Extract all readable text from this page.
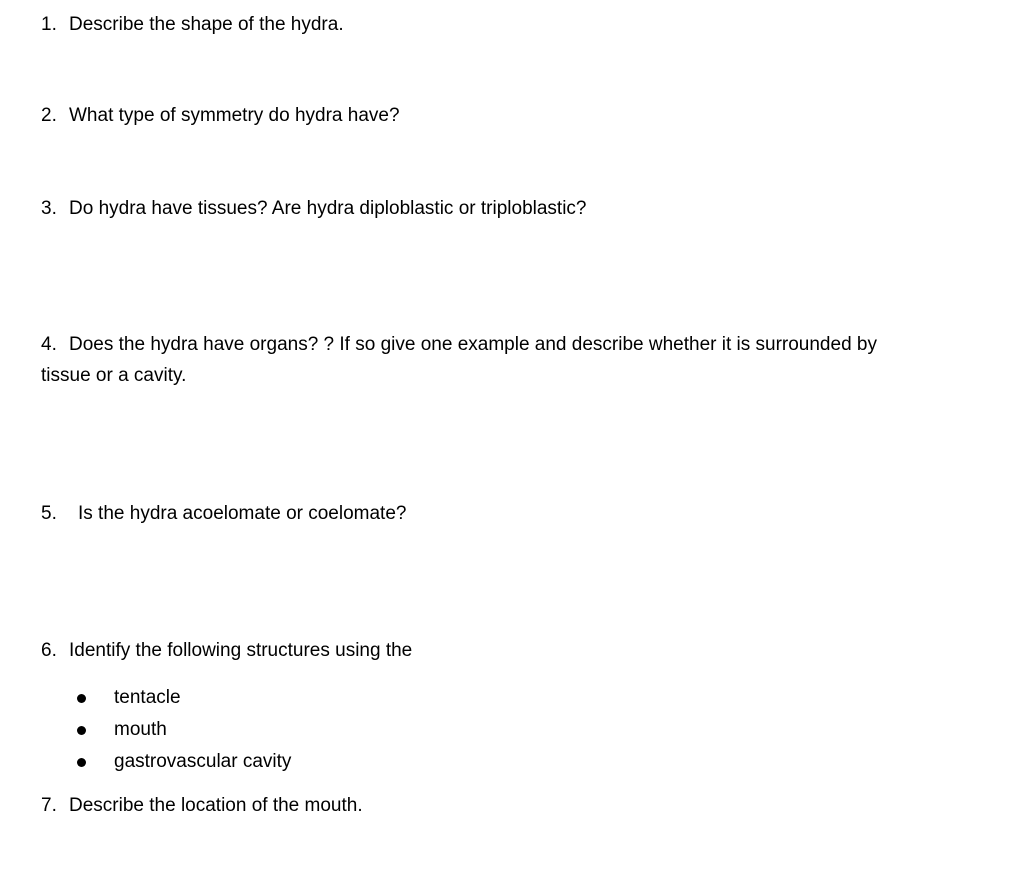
1. Describe the shape of the hydra.
2. What type of symmetry do hydra have?
3. Do hydra have tissues? Are hydra diploblastic or triploblastic?
4. Does the hydra have organs? ? If so give one example and describe whether it is surrounded by
tissue or a cavity.
5. Is the hydra acoelomate or coelomate?
6. Identify the following structures using the
tentacle
mouth
gastrovascular cavity
7. Describe the location of the mouth.
